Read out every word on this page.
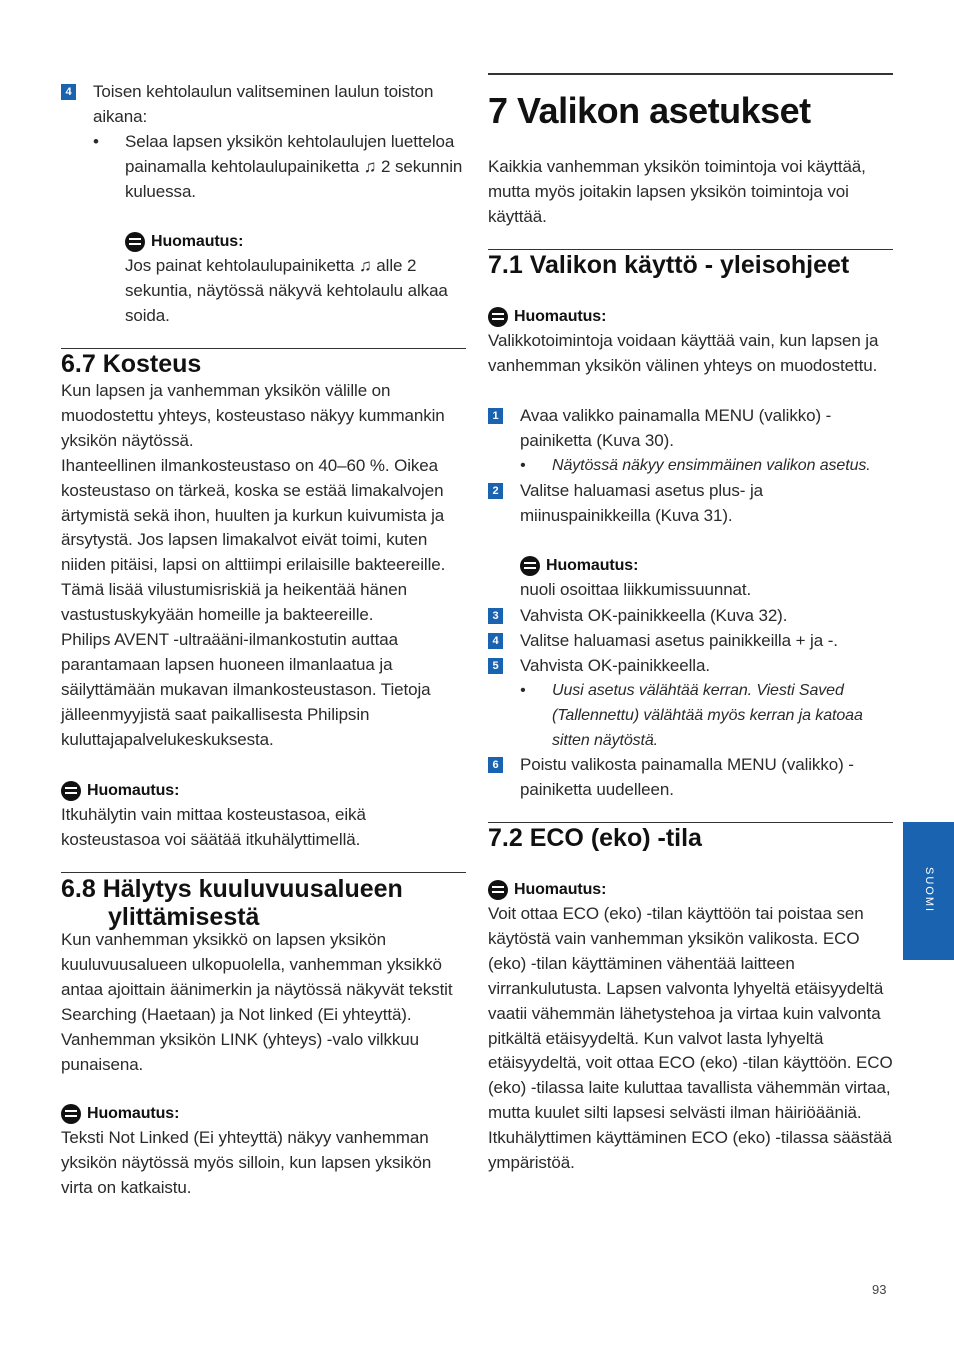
4 Toisen kehtolaulun valitseminen laulun toiston aikana:
• Selaa lapsen yksikön kehtolaulujen luetteloa painamalla kehtolaulupainiketta ♫ 2 sekunnin kuluessa.
Huomautus:
Jos painat kehtolaulupainiketta ♫ alle 2 sekuntia, näytössä näkyvä kehtolaulu alkaa soida.
6.7 Kosteus
Kun lapsen ja vanhemman yksikön välille on muodostettu yhteys, kosteustaso näkyy kummankin yksikön näytössä.
Ihanteellinen ilmankosteustaso on 40–60 %. Oikea kosteustaso on tärkeä, koska se estää limakalvojen ärtymistä sekä ihon, huulten ja kurkun kuivumista ja ärsytystä. Jos lapsen limakalvot eivät toimi, kuten niiden pitäisi, lapsi on alttiimpi erilaisille bakteereille. Tämä lisää vilustumisriskiä ja heikentää hänen vastustuskykyään homeille ja bakteereille.
Philips AVENT -ultraääni-ilmankostutin auttaa parantamaan lapsen huoneen ilmanlaatua ja säilyttämään mukavan ilmankosteustason. Tietoja jälleenmyyjistä saat paikallisesta Philipsin kuluttajapalvelukeskuksesta.
Huomautus:
Itkuhälytin vain mittaa kosteustasoa, eikä kosteustasoa voi säätää itkuhälyttimellä.
6.8 Hälytys kuuluvuusalueen
ylittämisestä
Kun vanhemman yksikkö on lapsen yksikön kuuluvuusalueen ulkopuolella, vanhemman yksikkö antaa ajoittain äänimerkin ja näytössä näkyvät tekstit Searching (Haetaan) ja Not linked (Ei yhteyttä). Vanhemman yksikön LINK (yhteys) -valo vilkkuu punaisena.
Huomautus:
Teksti Not Linked (Ei yhteyttä) näkyy vanhemman yksikön näytössä myös silloin, kun lapsen yksikön virta on katkaistu.
7 Valikon asetukset
Kaikkia vanhemman yksikön toimintoja voi käyttää, mutta myös joitakin lapsen yksikön toimintoja voi käyttää.
7.1 Valikon käyttö - yleisohjeet
Huomautus:
Valikkotoimintoja voidaan käyttää vain, kun lapsen ja vanhemman yksikön välinen yhteys on muodostettu.
1 Avaa valikko painamalla MENU (valikko) -painiketta (Kuva 30).
• Näytössä näkyy ensimmäinen valikon asetus.
2 Valitse haluamasi asetus plus- ja miinuspainikkeilla (Kuva 31).
Huomautus:
nuoli osoittaa liikkumissuunnat.
3 Vahvista OK-painikkeella (Kuva 32).
4 Valitse haluamasi asetus painikkeilla + ja -.
5 Vahvista OK-painikkeella.
• Uusi asetus välähtää kerran. Viesti Saved (Tallennettu) välähtää myös kerran ja katoaa sitten näytöstä.
6 Poistu valikosta painamalla MENU (valikko) -painiketta uudelleen.
7.2 ECO (eko) -tila
Huomautus:
Voit ottaa ECO (eko) -tilan käyttöön tai poistaa sen käytöstä vain vanhemman yksikön valikosta. ECO (eko) -tilan käyttäminen vähentää laitteen virrankulutusta. Lapsen valvonta lyhyeltä etäisyydeltä vaatii vähemmän lähetystehoa ja virtaa kuin valvonta pitkältä etäisyydeltä. Kun valvot lasta lyhyeltä etäisyydeltä, voit ottaa ECO (eko) -tilan käyttöön. ECO (eko) -tilassa laite kuluttaa tavallista vähemmän virtaa, mutta kuulet silti lapsesi selvästi ilman häiriöääniä. Itkuhälyttimen käyttäminen ECO (eko) -tilassa säästää ympäristöä.
SUOMI
93
